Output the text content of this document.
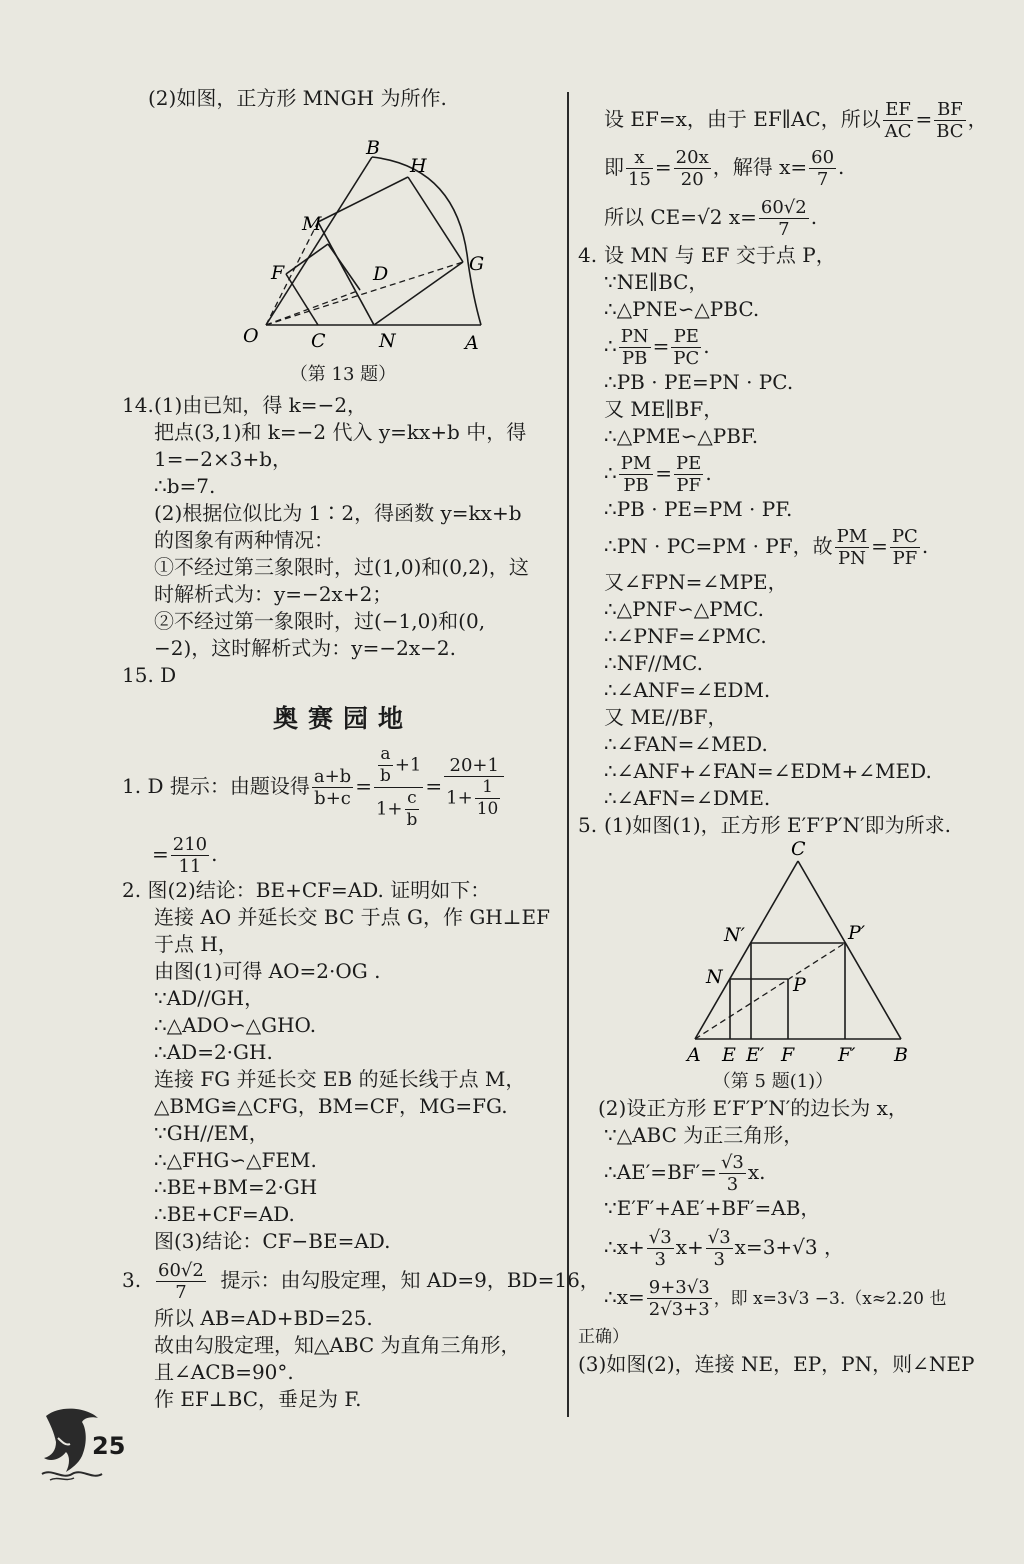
(2)如图，正方形 MNGH 为所作.
B
H
M
F	D	G
O	C	N	A
（第 13 题）
14.(1)由已知，得 k=−2，
把点(3,1)和 k=−2 代入 y=kx+b 中，得
1=−2×3+b，
∴b=7.
(2)根据位似比为 1∶2，得函数 y=kx+b
的图象有两种情况：
①不经过第三象限时，过(1,0)和(0,2)，这
时解析式为：y=−2x+2；
②不经过第一象限时，过(−1,0)和(0,
−2)，这时解析式为：y=−2x−2.
15. D
奥赛园地
1. D 提示：由题设得 $\frac{a+b}{b+c} = \frac{\frac{a}{b} +1}{1+ \frac{c}{b}} = \frac{20+1}{1+ \frac{1}{10}}$
= $\frac{210}{11}$ .
2. 图(2)结论：BE+CF=AD. 证明如下：
连接 AO 并延长交 BC 于点 G，作 GH⊥EF
于点 H，
由图(1)可得 AO=2·OG .
∵AD//GH，
∴△ADO∽△GHO.
∴AD=2·GH.
连接 FG 并延长交 EB 的延长线于点 M，
△BMG≌△CFG，BM=CF，MG=FG.
∵GH//EM，
∴△FHG∽△FEM.
∴BE+BM=2·GH
∴BE+CF=AD.
图(3)结论：CF−BE=AD.
3. $\frac{60√2}{7}$ 提示：由勾股定理，知 AD=9，BD=16，
所以 AB=AD+BD=25.
故由勾股定理，知△ABC 为直角三角形，
且∠ACB=90°.
作 EF⊥BC，垂足为 F.
设 EF=x，由于 EF∥AC，所以 $\frac{EF}{AC} = \frac{BF}{BC}$ ，
即 $\frac{x}{15} = \frac{20x}{20}$ ，解得 $x= \frac{60}{7}$ .
所以 CE=√2 $x= \frac{60√2}{7}$ .
4. 设 MN 与 EF 交于点 P，
∵NE∥BC，
∴△PNE∽△PBC.
∴ $\frac{PN}{PB} = \frac{PE}{PC}$ .
∴PB · PE=PN · PC.
又 ME∥BF，
∴△PME∽△PBF.
∴ $\frac{PM}{PB} = \frac{PE}{PF}$ .
∴PB · PE=PM · PF.
∴PN · PC=PM · PF，故 $\frac{PM}{PN} = \frac{PC}{PF}$ .
又∠FPN=∠MPE，
∴△PNF∽△PMC.
∴∠PNF=∠PMC.
∴NF//MC.
∴∠ANF=∠EDM.
又 ME//BF，
∴∠FAN=∠MED.
∴∠ANF+∠FAN=∠EDM+∠MED.
∴∠AFN=∠DME.
5. (1)如图(1)，正方形 E′F′P′N′即为所求.
C
N′	P′
N	P
A E E′ F F′ B
（第 5 题(1)）
(2)设正方形 E′F′P′N′的边长为 x，
∵△ABC 为正三角形，
∴AE′=BF′= $\frac{√3}{3} x$.
∵E′F′+AE′+BF′=AB，
∴x+ $\frac{√3}{3} x+ \frac{√3}{3} x=3+√3$ ，
∴x= $\frac{9+3√3}{2√3+3}$ ，即 x=3√3 −3.（x≈2.20 也
正确）
(3)如图(2)，连接 NE，EP，PN，则∠NEP
25
